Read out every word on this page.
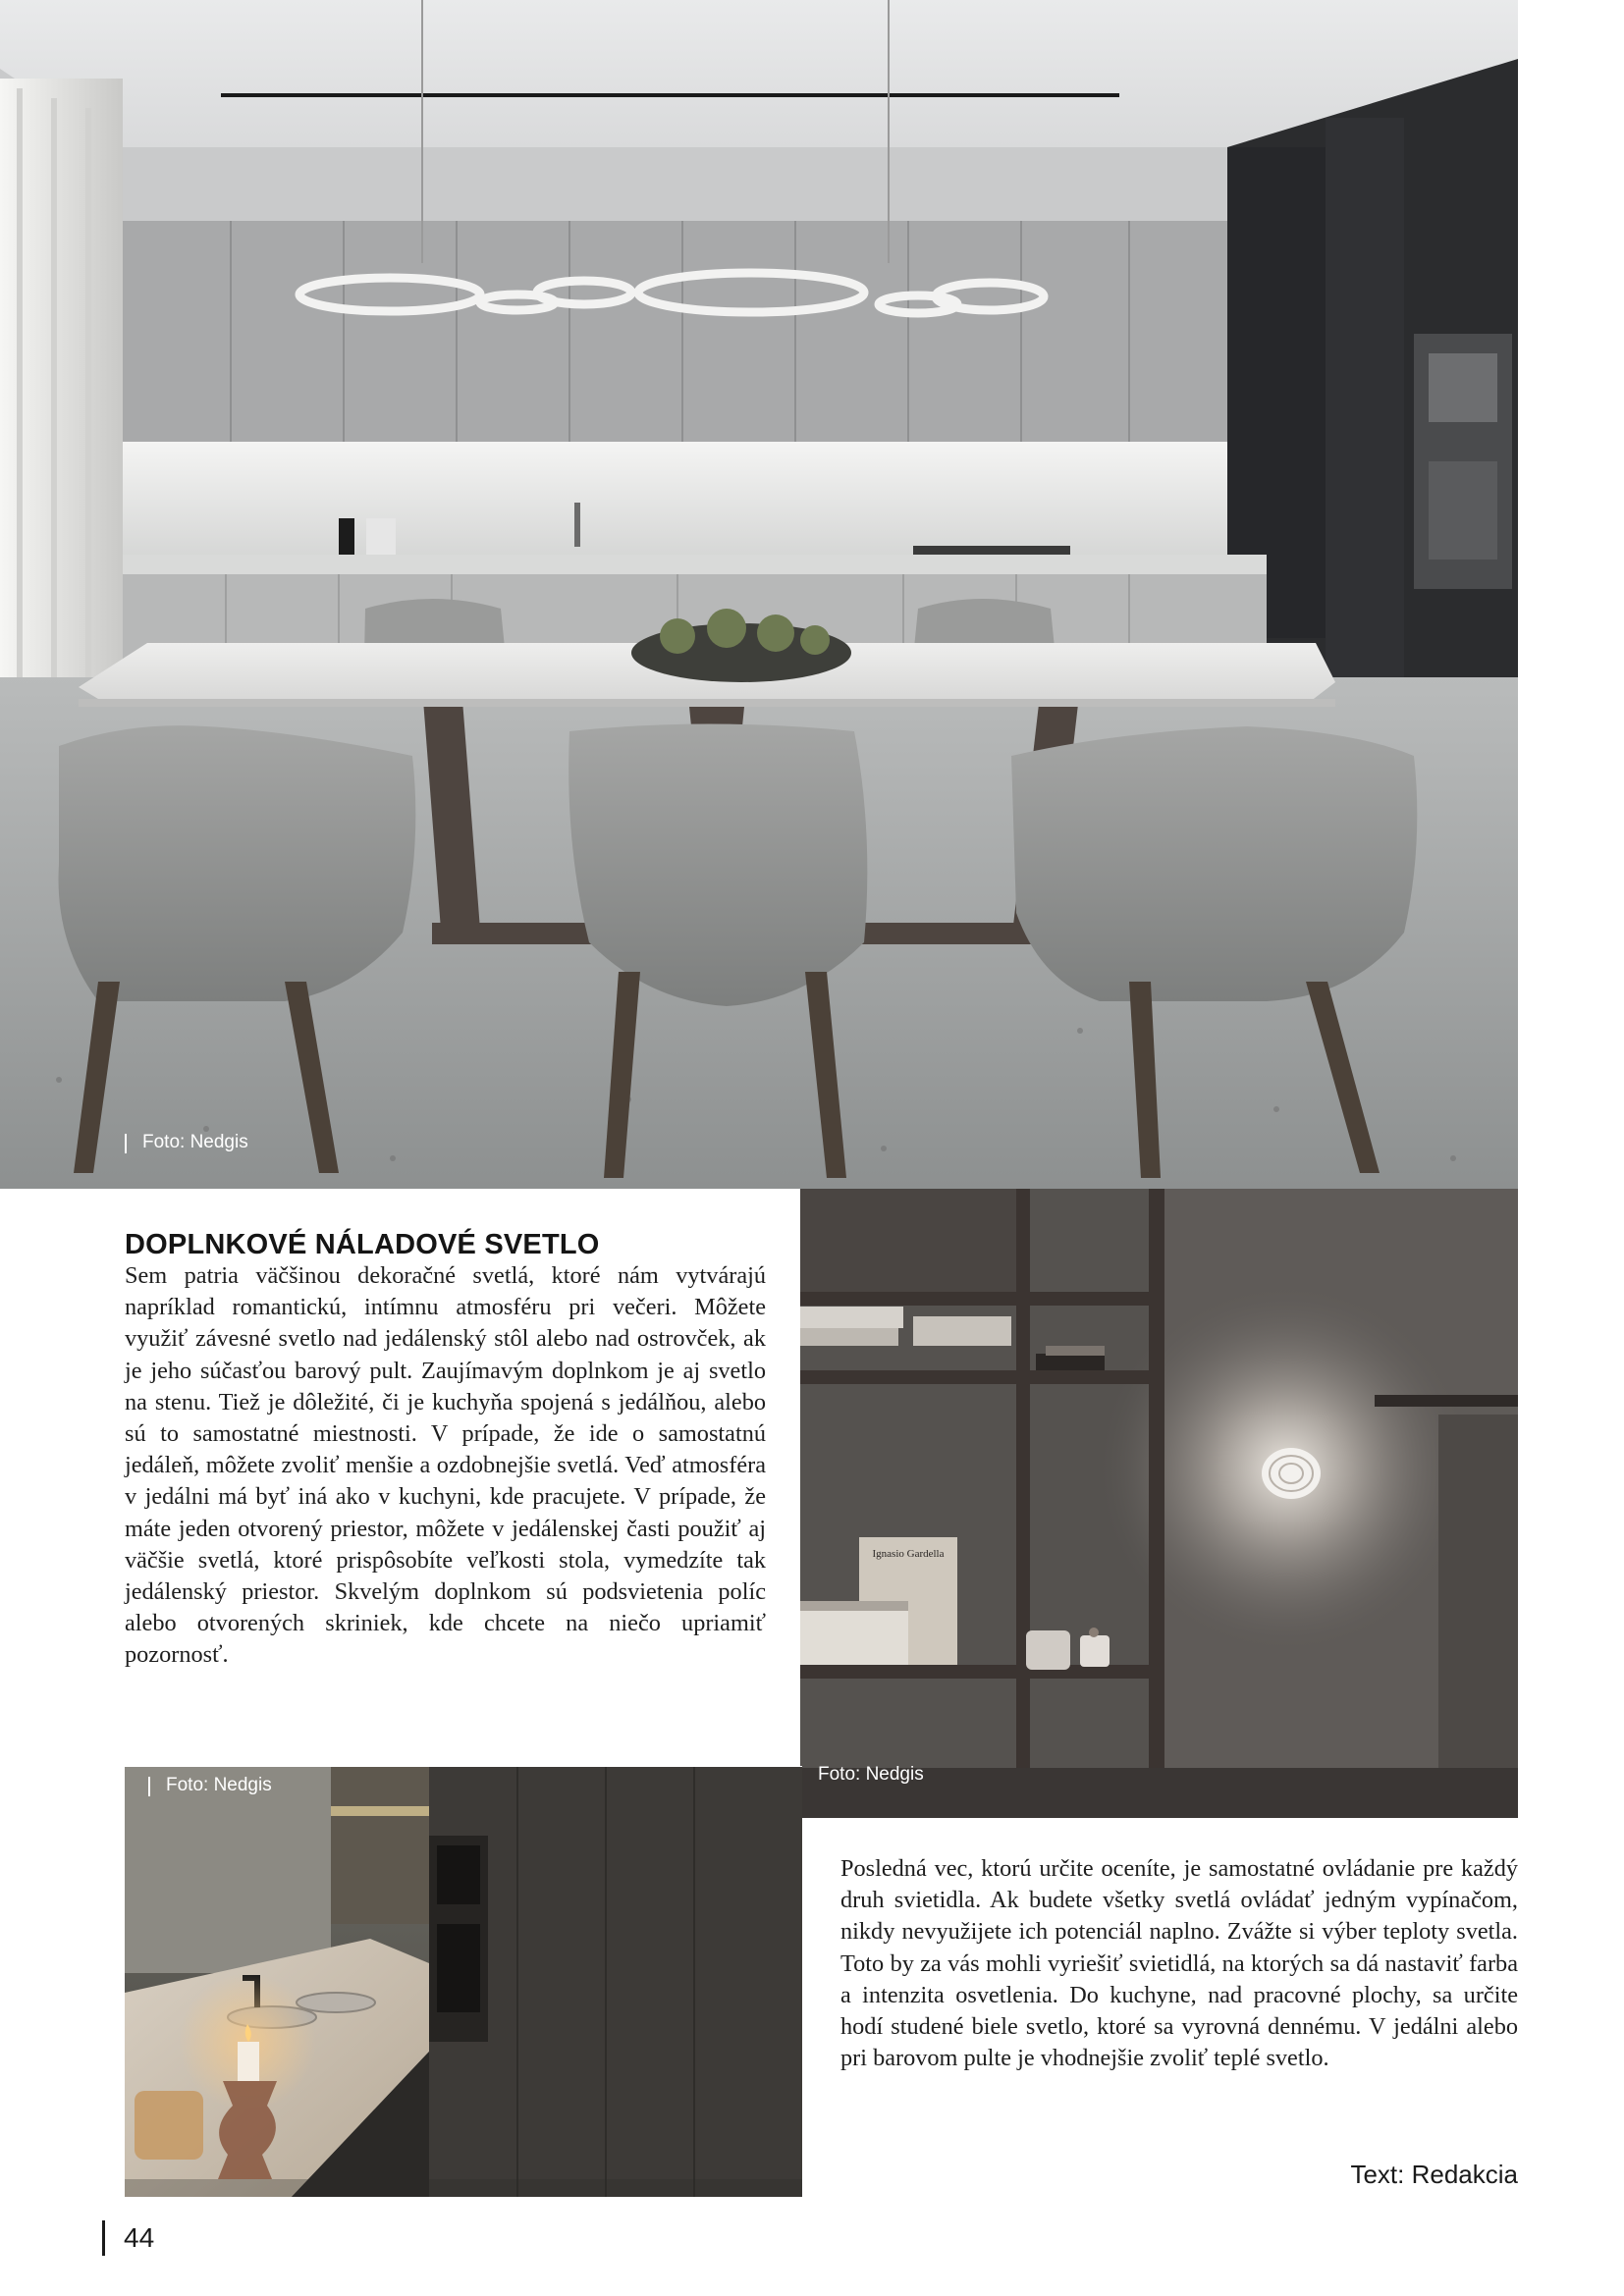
Foto: Nedgis
Ignasio Gardella
Foto: Nedgis
Foto: Nedgis
DOPLNKOVÉ NÁLADOVÉ SVETLO

Sem patria väčšinou dekoračné svetlá, ktoré nám vytvárajú napríklad romantickú, intímnu atmosféru pri večeri. Môžete využiť závesné svetlo nad jedálenský stôl alebo nad ostrovček, ak je jeho súčasťou barový pult. Zaujímavým doplnkom je aj svetlo na stenu. Tiež je dôležité, či je kuchyňa spojená s jedálňou, alebo sú to samostatné miestnosti. V prípade, že ide o samostatnú jedáleň, môžete zvoliť menšie a ozdobnejšie svetlá. Veď atmosféra v jedálni má byť iná ako v kuchyni, kde pracujete. V prípade, že máte jeden otvorený priestor, môžete v jedálenskej časti použiť aj väčšie svetlá, ktoré prispôsobíte veľkosti stola, vymedzíte tak jedálenský priestor. Skvelým doplnkom sú podsvietenia políc alebo otvorených skriniek, kde chcete na niečo upriamiť pozornosť.

Posledná vec, ktorú určite oceníte, je samostatné ovládanie pre každý druh svietidla. Ak budete všetky svetlá ovládať jedným vypínačom, nikdy nevyužijete ich potenciál naplno. Zvážte si výber teploty svetla. Toto by za vás mohli vyriešiť svietidlá, na ktorých sa dá nastaviť farba a intenzita osvetlenia. Do kuchyne, nad pracovné plochy, sa určite hodí studené biele svetlo, ktoré sa vyrovná dennému. V jedálni alebo pri barovom pulte je vhodnejšie zvoliť teplé svetlo.

Text: Redakcia
44
